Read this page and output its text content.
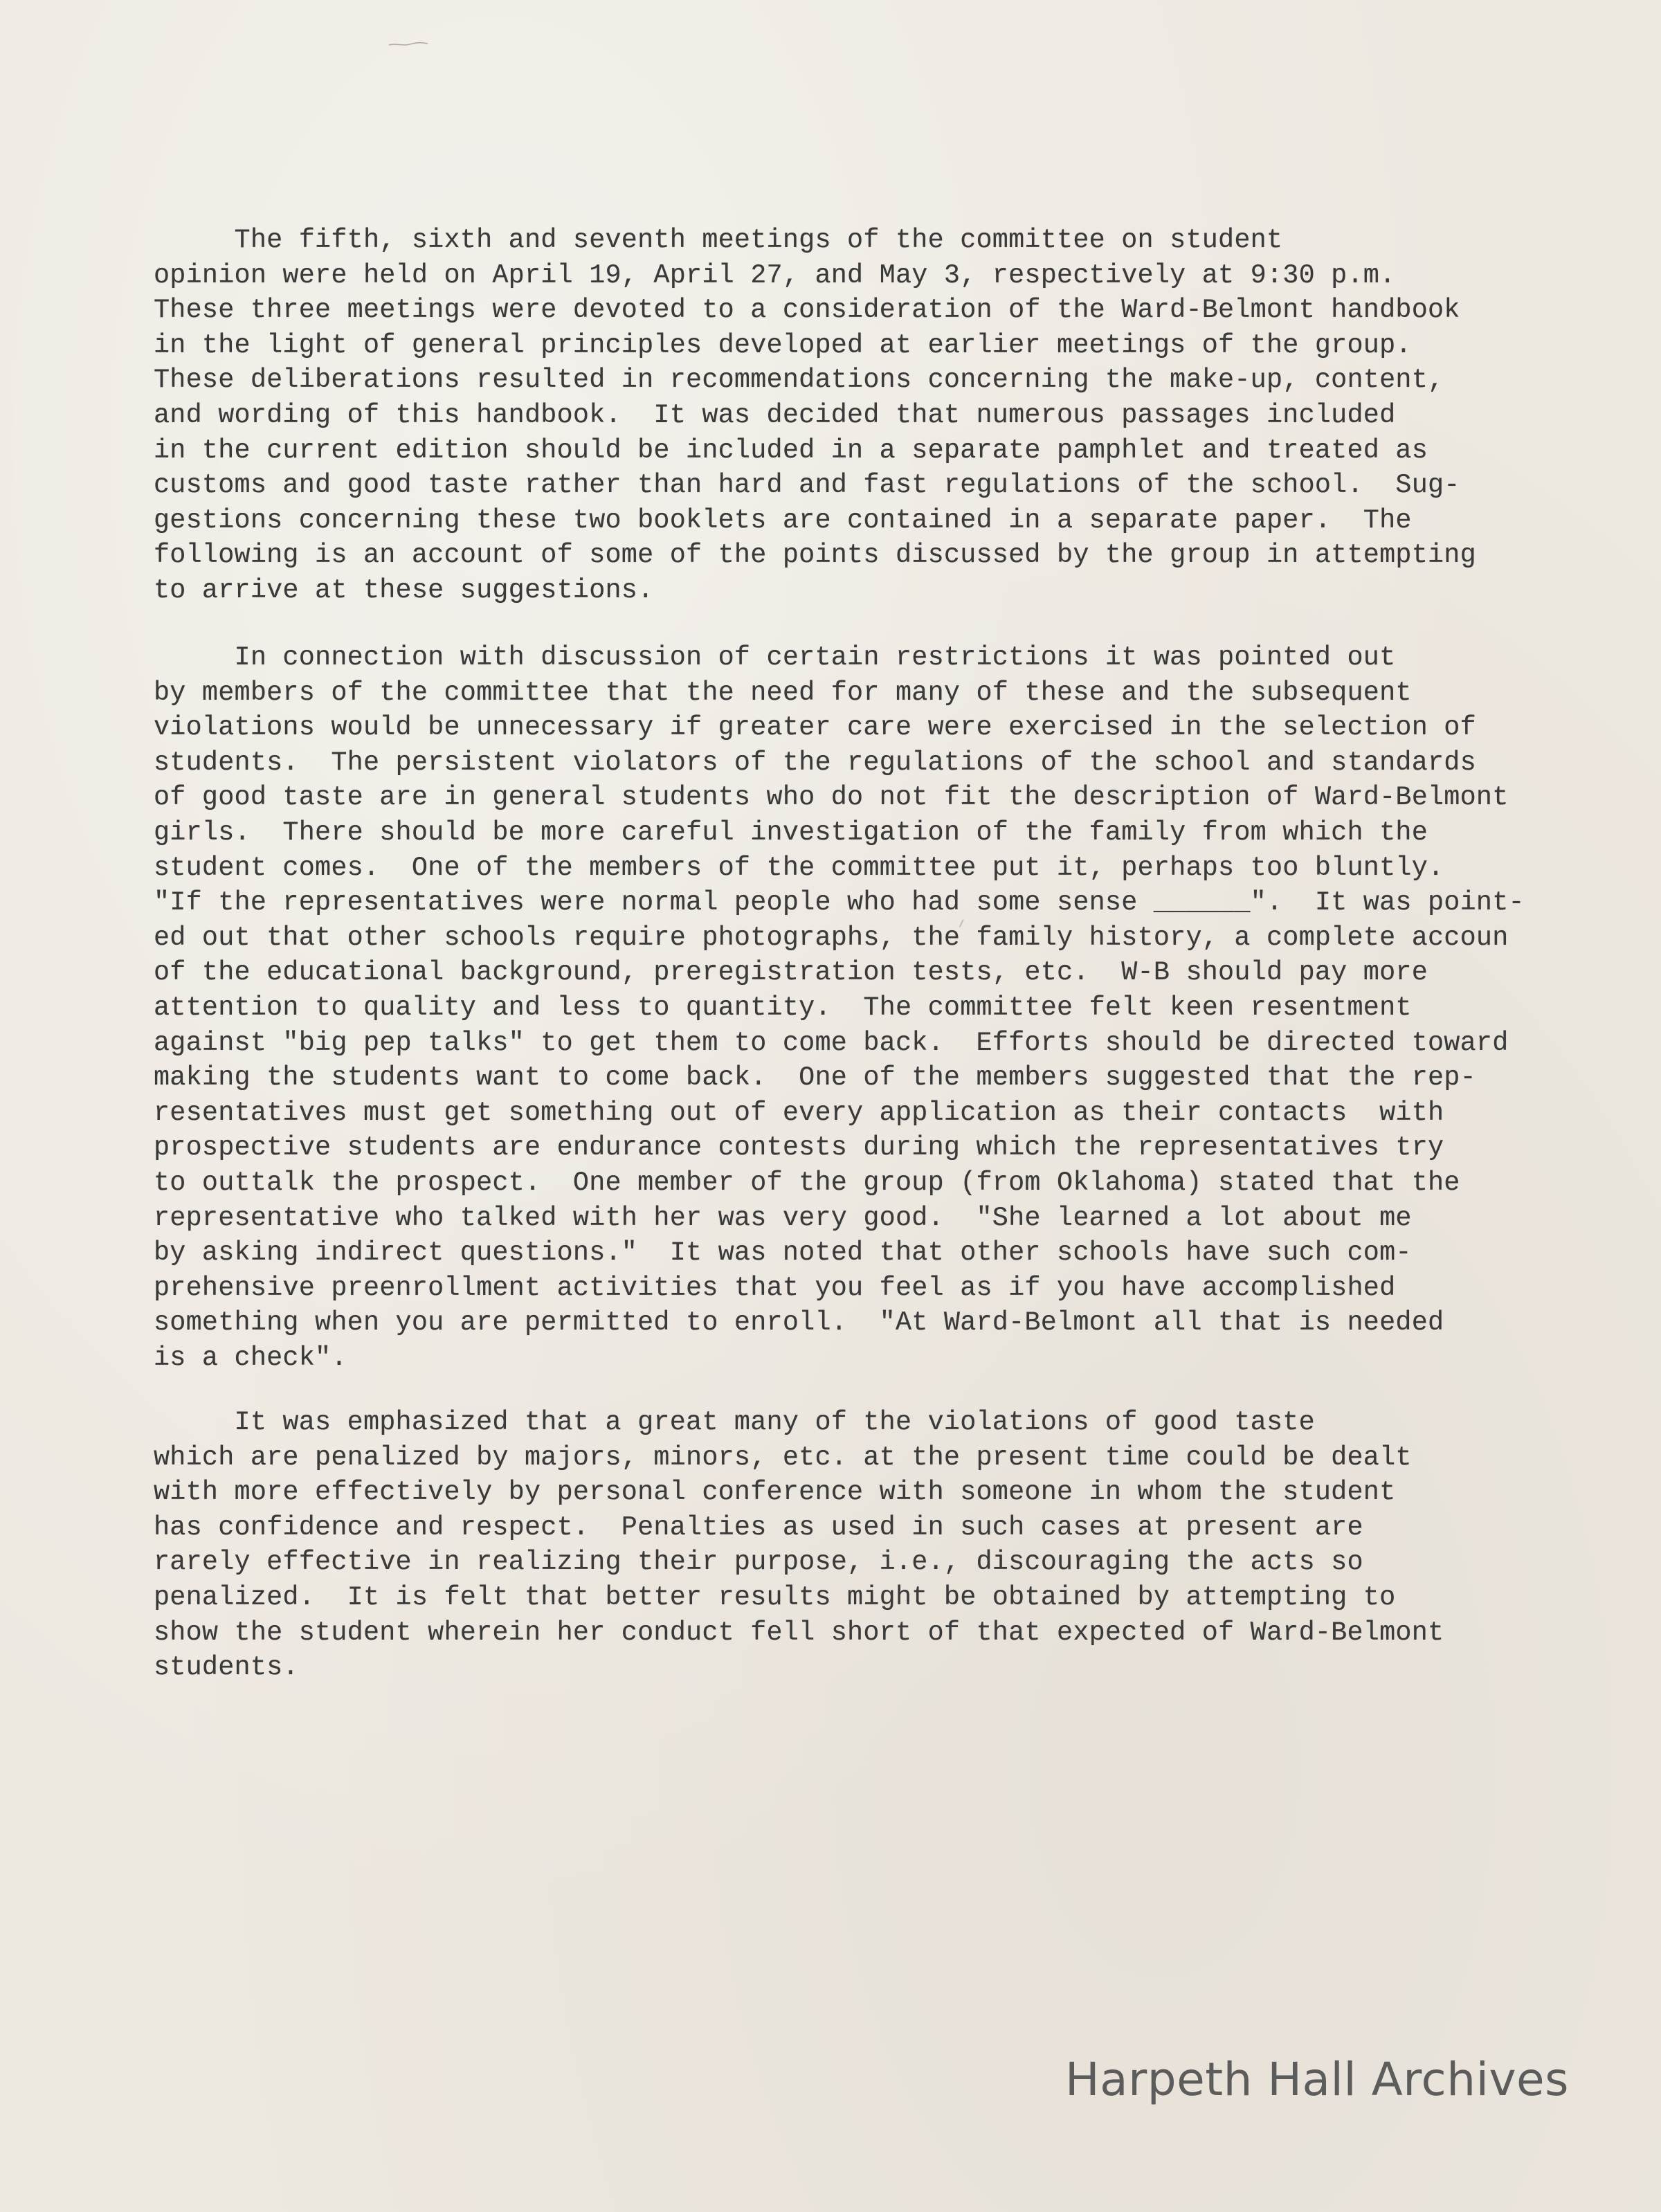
The fifth, sixth and seventh meetings of the committee on student
opinion were held on April 19, April 27, and May 3, respectively at 9:30 p.m.
These three meetings were devoted to a consideration of the Ward-Belmont handbook
in the light of general principles developed at earlier meetings of the group.
These deliberations resulted in recommendations concerning the make-up, content,
and wording of this handbook.  It was decided that numerous passages included
in the current edition should be included in a separate pamphlet and treated as
customs and good taste rather than hard and fast regulations of the school.  Sug-
gestions concerning these two booklets are contained in a separate paper.  The
following is an account of some of the points discussed by the group in attempting
to arrive at these suggestions.

In connection with discussion of certain restrictions it was pointed out
by members of the committee that the need for many of these and the subsequent
violations would be unnecessary if greater care were exercised in the selection of
students.  The persistent violators of the regulations of the school and standards
of good taste are in general students who do not fit the description of Ward-Belmont
girls.  There should be more careful investigation of the family from which the
student comes.  One of the members of the committee put it, perhaps too bluntly.
"If the representatives were normal people who had some sense ______".  It was point-
ed out that other schools require photographs, the family history, a complete accoun
of the educational background, preregistration tests, etc.  W-B should pay more
attention to quality and less to quantity.  The committee felt keen resentment
against "big pep talks" to get them to come back.  Efforts should be directed toward
making the students want to come back.  One of the members suggested that the rep-
resentatives must get something out of every application as their contacts  with
prospective students are endurance contests during which the representatives try
to outtalk the prospect.  One member of the group (from Oklahoma) stated that the
representative who talked with her was very good.  "She learned a lot about me
by asking indirect questions."  It was noted that other schools have such com-
prehensive preenrollment activities that you feel as if you have accomplished
something when you are permitted to enroll.  "At Ward-Belmont all that is needed
is a check".

It was emphasized that a great many of the violations of good taste
which are penalized by majors, minors, etc. at the present time could be dealt
with more effectively by personal conference with someone in whom the student
has confidence and respect.  Penalties as used in such cases at present are
rarely effective in realizing their purpose, i.e., discouraging the acts so
penalized.  It is felt that better results might be obtained by attempting to
show the student wherein her conduct fell short of that expected of Ward-Belmont
students.

Harpeth Hall Archives
